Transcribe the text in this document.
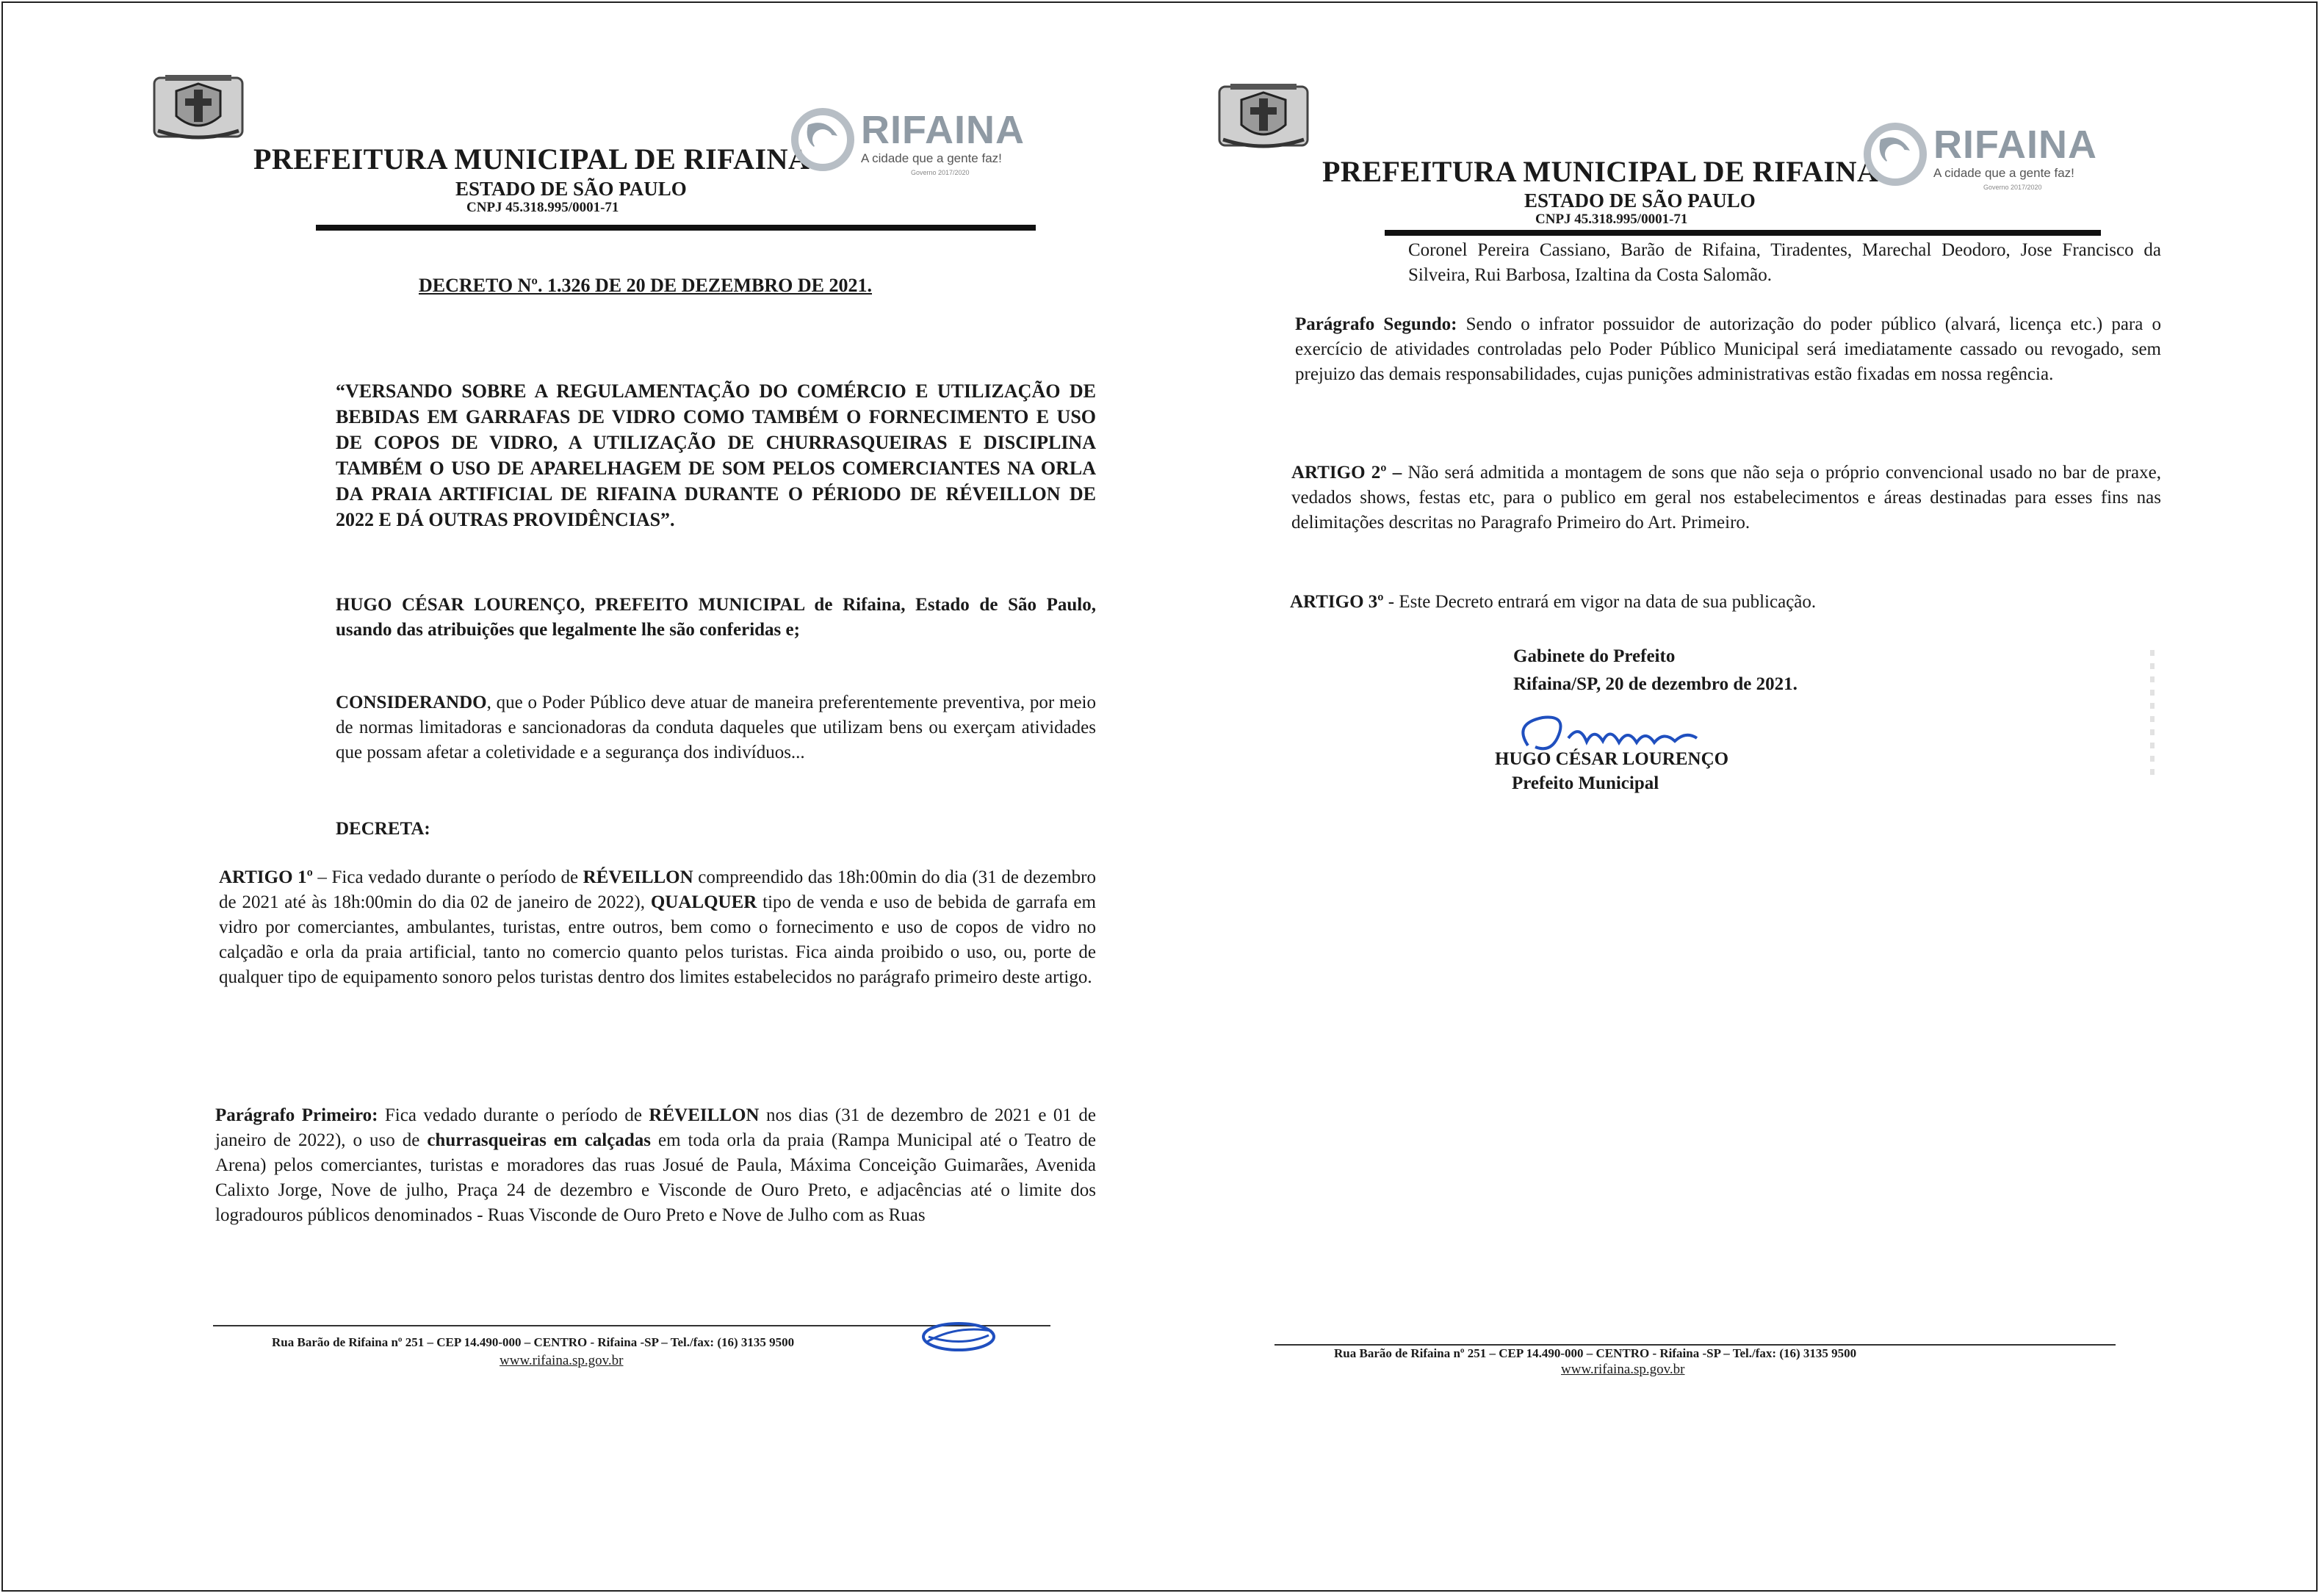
PREFEITURA MUNICIPAL DE RIFAINA
ESTADO DE SÃO PAULO
CNPJ 45.318.995/0001-71
RIFAINA
A cidade que a gente faz!
Governo 2017/2020
DECRETO Nº. 1.326 DE 20 DE DEZEMBRO DE 2021.
“VERSANDO SOBRE A REGULAMENTAÇÃO DO COMÉRCIO E UTILIZAÇÃO DE BEBIDAS EM GARRAFAS DE VIDRO COMO TAMBÉM O FORNECIMENTO E USO DE COPOS DE VIDRO, A UTILIZAÇÃO DE CHURRASQUEIRAS E DISCIPLINA TAMBÉM O USO DE APARELHAGEM DE SOM PELOS COMERCIANTES NA ORLA DA PRAIA ARTIFICIAL DE RIFAINA DURANTE O PÉRIODO DE RÉVEILLON DE 2022 E DÁ OUTRAS PROVIDÊNCIAS”.
HUGO CÉSAR LOURENÇO, PREFEITO MUNICIPAL de Rifaina, Estado de São Paulo, usando das atribuições que legalmente lhe são conferidas e;
CONSIDERANDO, que o Poder Público deve atuar de maneira preferentemente preventiva, por meio de normas limitadoras e sancionadoras da conduta daqueles que utilizam bens ou exerçam atividades que possam afetar a coletividade e a segurança dos indivíduos...
DECRETA:
ARTIGO 1º – Fica vedado durante o período de RÉVEILLON compreendido das 18h:00min do dia (31 de dezembro de 2021 até às 18h:00min do dia 02 de janeiro de 2022), QUALQUER tipo de venda e uso de bebida de garrafa em vidro por comerciantes, ambulantes, turistas, entre outros, bem como o fornecimento e uso de copos de vidro no calçadão e orla da praia artificial, tanto no comercio quanto pelos turistas. Fica ainda proibido o uso, ou, porte de qualquer tipo de equipamento sonoro pelos turistas dentro dos limites estabelecidos no parágrafo primeiro deste artigo.
Parágrafo Primeiro: Fica vedado durante o período de RÉVEILLON nos dias (31 de dezembro de 2021 e 01 de janeiro de 2022), o uso de churrasqueiras em calçadas em toda orla da praia (Rampa Municipal até o Teatro de Arena) pelos comerciantes, turistas e moradores das ruas Josué de Paula, Máxima Conceição Guimarães, Avenida Calixto Jorge, Nove de julho, Praça 24 de dezembro e Visconde de Ouro Preto, e adjacências até o limite dos logradouros públicos denominados - Ruas Visconde de Ouro Preto e Nove de Julho com as Ruas
Rua Barão de Rifaina nº 251 – CEP 14.490-000 – CENTRO - Rifaina -SP – Tel./fax: (16) 3135 9500
www.rifaina.sp.gov.br
PREFEITURA MUNICIPAL DE RIFAINA
ESTADO DE SÃO PAULO
CNPJ 45.318.995/0001-71
RIFAINA
A cidade que a gente faz!
Governo 2017/2020
Coronel Pereira Cassiano, Barão de Rifaina, Tiradentes, Marechal Deodoro, Jose Francisco da Silveira, Rui Barbosa, Izaltina da Costa Salomão.
Parágrafo Segundo: Sendo o infrator possuidor de autorização do poder público (alvará, licença etc.) para o exercício de atividades controladas pelo Poder Público Municipal será imediatamente cassado ou revogado, sem prejuizo das demais responsabilidades, cujas punições administrativas estão fixadas em nossa regência.
ARTIGO 2º – Não será admitida a montagem de sons que não seja o próprio convencional usado no bar de praxe, vedados shows, festas etc, para o publico em geral nos estabelecimentos e áreas destinadas para esses fins nas delimitações descritas no Paragrafo Primeiro do Art. Primeiro.
ARTIGO 3º - Este Decreto entrará em vigor na data de sua publicação.
Gabinete do Prefeito
Rifaina/SP, 20 de dezembro de 2021.
HUGO CÉSAR LOURENÇO
Prefeito Municipal
Rua Barão de Rifaina nº 251 – CEP 14.490-000 – CENTRO - Rifaina -SP – Tel./fax: (16) 3135 9500
www.rifaina.sp.gov.br
